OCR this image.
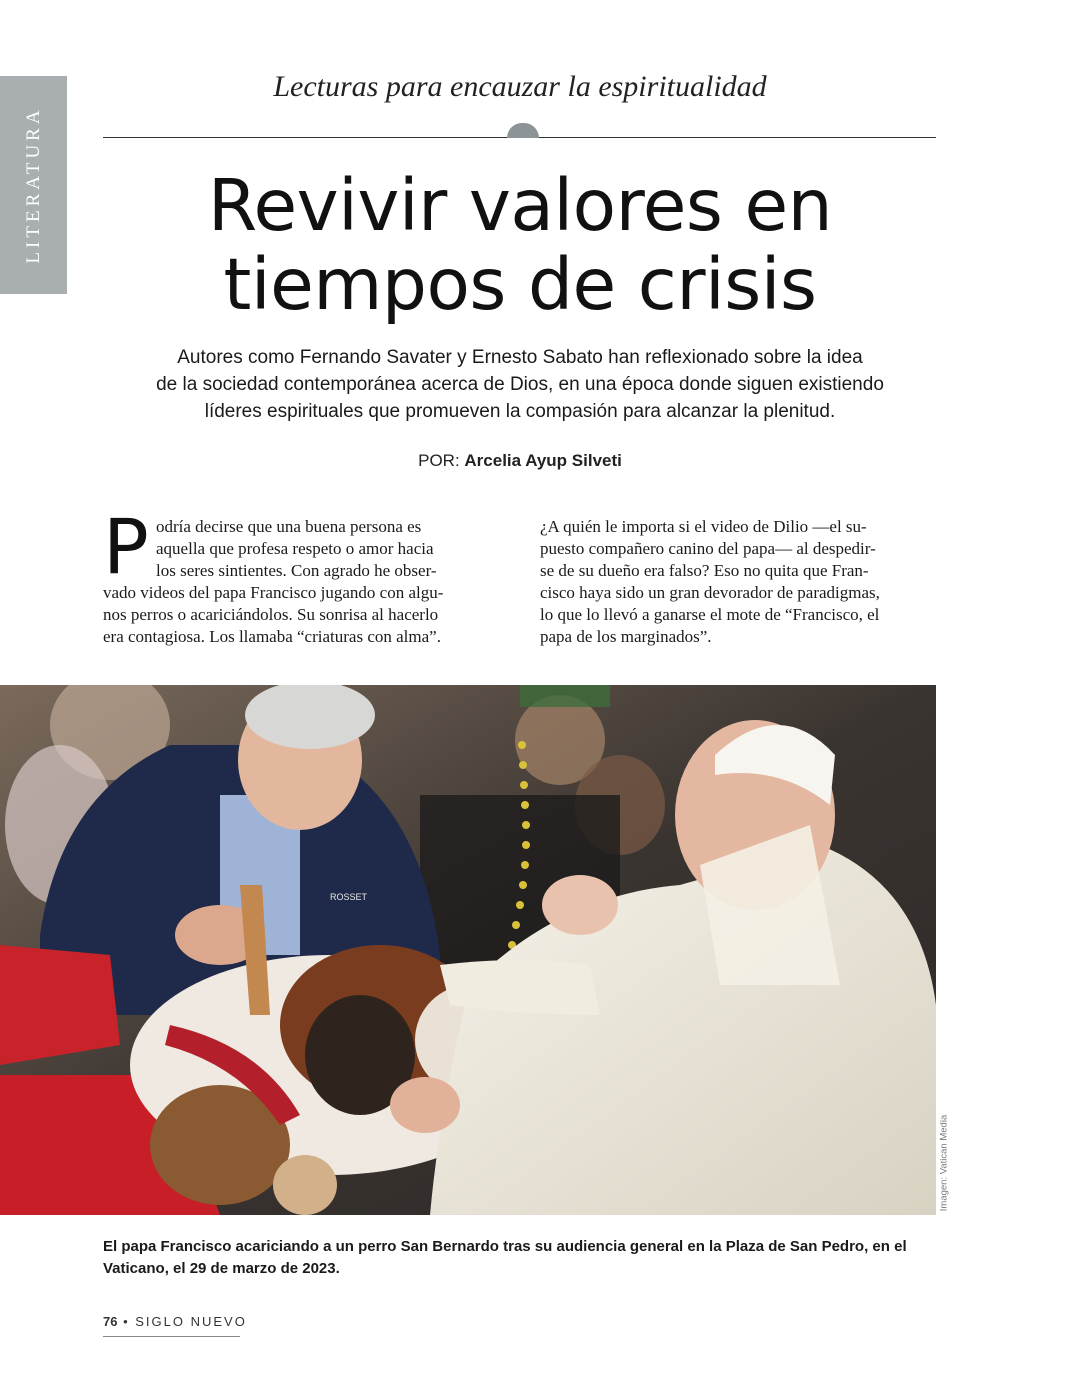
LITERATURA
Lecturas para encauzar la espiritualidad
Revivir valores en
tiempos de crisis
Autores como Fernando Savater y Ernesto Sabato han reflexionado sobre la idea
de la sociedad contemporánea acerca de Dios, en una época donde siguen existiendo
líderes espirituales que promueven la compasión para alcanzar la plenitud.
POR: Arcelia Ayup Silveti
P odría decirse que una buena persona es
aquella que profesa respeto o amor hacia
los seres sintientes. Con agrado he obser-
vado videos del papa Francisco jugando con algu-
nos perros o acariciándolos. Su sonrisa al hacerlo
era contagiosa. Los llamaba “criaturas con alma”.
¿A quién le importa si el video de Dilio —el su-
puesto compañero canino del papa— al despedir-
se de su dueño era falso? Eso no quita que Fran-
cisco haya sido un gran devorador de paradigmas,
lo que lo llevó a ganarse el mote de “Francisco, el
papa de los marginados”.
ROSSET
Imagen: Vatican Media
El papa Francisco acariciando a un perro San Bernardo tras su audiencia general en la Plaza de San Pedro, en el
Vaticano, el 29 de marzo de 2023.
76 • SIGLO NUEVO
